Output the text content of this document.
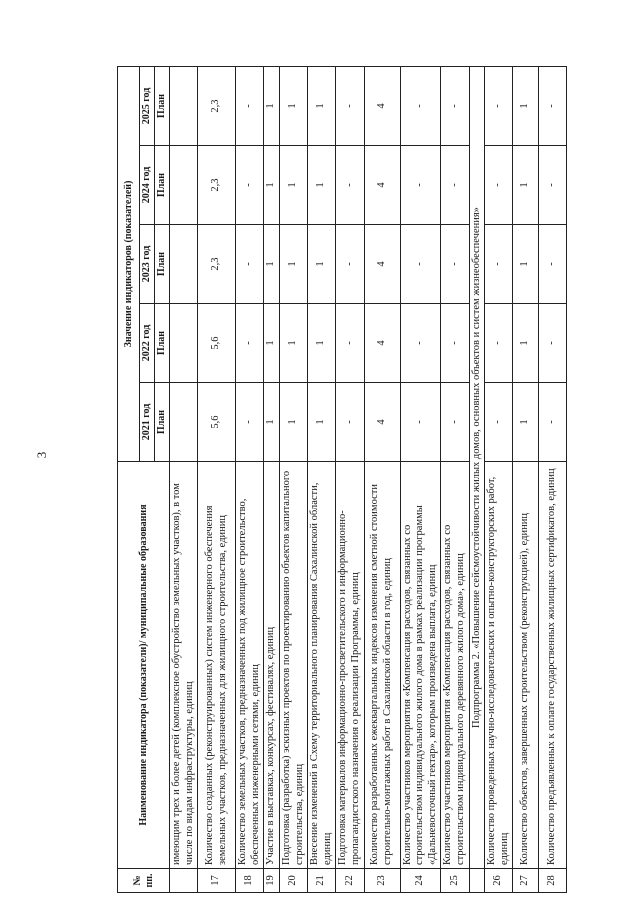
3
№
пп.	Наименование индикатора (показатели)/ муниципальные образования	Значение индикаторов (показателей)				
		2021 год	2022 год	2023 год	2024 год	2025 год
		План	План	План	План	План
	имеющим трех и более детей (комплексное обустройство земельных участков), в том числе по видам инфраструктуры, единиц					
17	Количество созданных (реконструированных) систем инженерного обеспечения земельных участков, предназначенных для жилищного строительства, единиц	5,6	5,6	2,3	2,3	2,3
18	Количество земельных участков, предназначенных под жилищное строительство, обеспеченных инженерными сетями, единиц	-	-	-	-	-
19	Участие в выставках, конкурсах, фестивалях, единиц	1	1	1	1	1
20	Подготовка (разработка) эскизных проектов по проектированию объектов капитального строительства, единиц	1	1	1	1	1
21	Внесение изменений в Схему территориального планирования Сахалинской области, единиц	1	1	1	1	1
22	Подготовка материалов информационно-просветительского и информационно-пропагандистского назначения о реализации Программы, единиц	-	-	-	-	-
23	Количество разработанных ежеквартальных индексов изменения сметной стоимости строительно-монтажных работ в Сахалинской области в год, единиц	4	4	4	4	4
24	Количество участников мероприятия «Компенсация расходов, связанных со строительством индивидуального жилого дома в рамках реализации программы «Дальневосточный гектар», которым произведена выплата, единиц	-	-	-	-	-
25	Количество участников мероприятия «Компенсация расходов, связанных со строительством индивидуального деревянного жилого дома», единиц	-	-	-	-	-
	Подпрограмма 2. «Повышение сейсмоустойчивости жилых домов, основных объектов и систем жизнеобеспечения»					
26	Количество проведенных научно-исследовательских и опытно-конструкторских работ, единиц	-	-	-	-	-
27	Количество объектов, завершенных строительством (реконструкцией), единиц	1	1	1	1	1
28	Количество предъявленных к оплате государственных жилищных сертификатов, единиц	-	-	-	-	-
